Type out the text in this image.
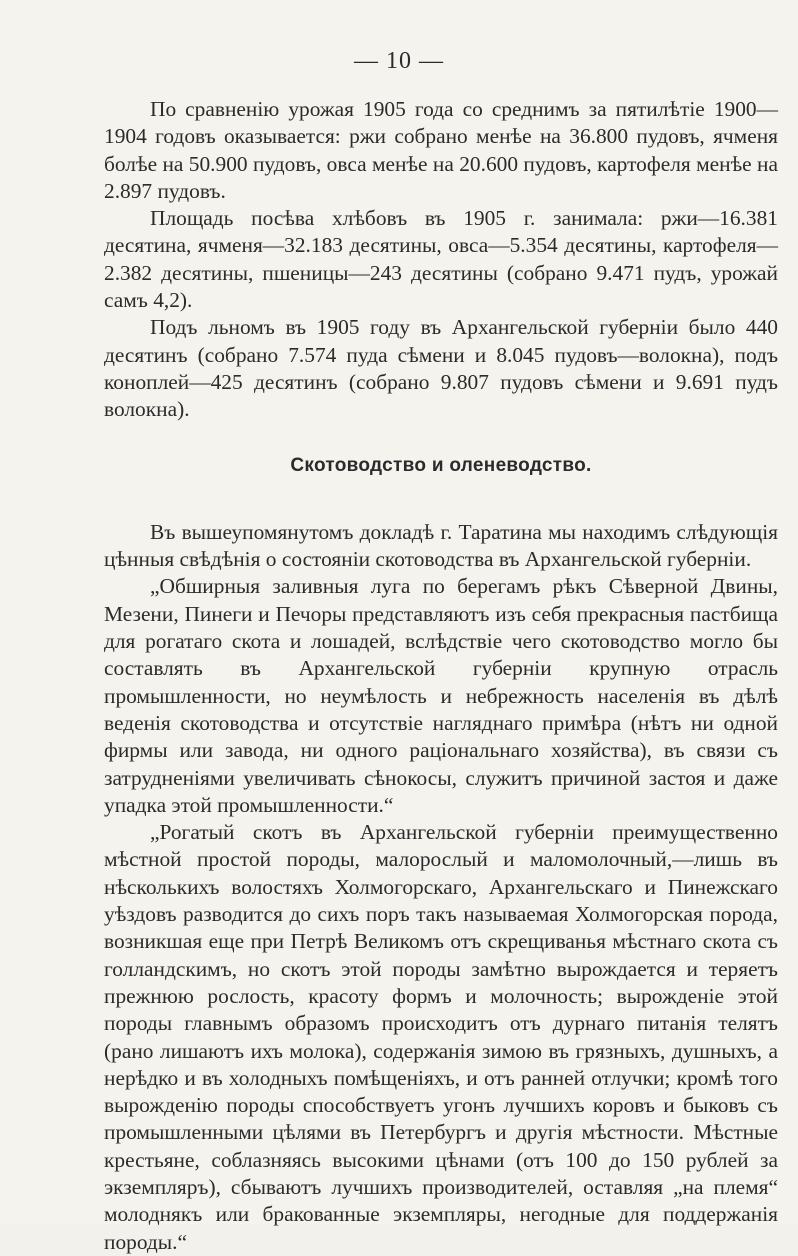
— 10 —

По сравненію урожая 1905 года со среднимъ за пятилѣтіе 1900—1904 годовъ оказывается: ржи собрано менѣе на 36.800 пудовъ, ячменя болѣе на 50.900 пудовъ, овса менѣе на 20.600 пудовъ, картофеля менѣе на 2.897 пудовъ.

Площадь посѣва хлѣбовъ въ 1905 г. занимала: ржи—16.381 десятина, ячменя—32.183 десятины, овса—5.354 десятины, картофеля—2.382 десятины, пшеницы—243 десятины (собрано 9.471 пудъ, урожай самъ 4,2).

Подъ льномъ въ 1905 году въ Архангельской губерніи было 440 десятинъ (собрано 7.574 пуда сѣмени и 8.045 пудовъ—волокна), подъ коноплей—425 десятинъ (собрано 9.807 пудовъ сѣмени и 9.691 пудъ волокна).

Скотоводство и оленеводство.

Въ вышеупомянутомъ докладѣ г. Таратина мы находимъ слѣдующія цѣнныя свѣдѣнія о состояніи скотоводства въ Архангельской губерніи.

„Обширныя заливныя луга по берегамъ рѣкъ Сѣверной Двины, Мезени, Пинеги и Печоры представляютъ изъ себя прекрасныя пастбища для рогатаго скота и лошадей, вслѣдствіе чего скотоводство могло бы составлять въ Архангельской губерніи крупную отрасль промышленности, но неумѣлость и небрежность населенія въ дѣлѣ веденія скотоводства и отсутствіе нагляднаго примѣра (нѣтъ ни одной фирмы или завода, ни одного раціональнаго хозяйства), въ связи съ затрудненіями увеличивать сѣнокосы, служитъ причиной застоя и даже упадка этой промышленности.“

„Рогатый скотъ въ Архангельской губерніи преимущественно мѣстной простой породы, малорослый и маломолочный,—лишь въ нѣсколькихъ волостяхъ Холмогорскаго, Архангельскаго и Пинежскаго уѣздовъ разводится до сихъ поръ такъ называемая Холмогорская порода, возникшая еще при Петрѣ Великомъ отъ скрещиванья мѣстнаго скота съ голландскимъ, но скотъ этой породы замѣтно вырождается и теряетъ прежнюю рослость, красоту формъ и молочность; вырожденіе этой породы главнымъ образомъ происходитъ отъ дурнаго питанія телятъ (рано лишаютъ ихъ молока), содержанія зимою въ грязныхъ, душныхъ, а нерѣдко и въ холодныхъ помѣщеніяхъ, и отъ ранней отлучки; кромѣ того вырожденію породы способствуетъ угонъ лучшихъ коровъ и быковъ съ промышленными цѣлями въ Петербургъ и другія мѣстности. Мѣстные крестьяне, соблазняясь высокими цѣнами (отъ 100 до 150 рублей за экземпляръ), сбываютъ лучшихъ производителей, оставляя „на племя“ молоднякъ или бракованные экземпляры, негодные для поддержанія породы.“
